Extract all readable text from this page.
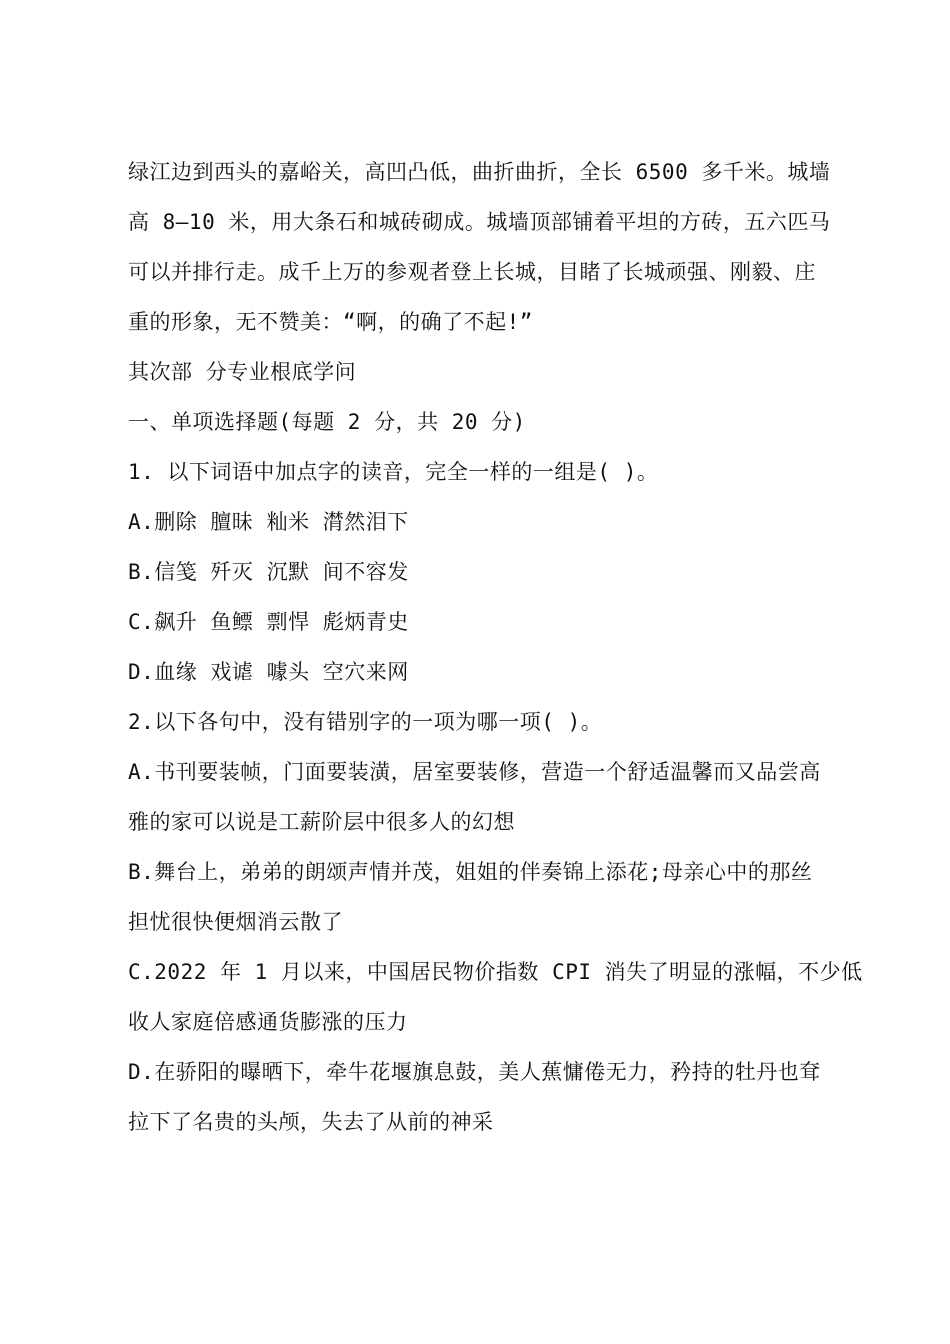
绿江边到西头的嘉峪关，高凹凸低，曲折曲折，全长 6500 多千米。城墙
高 8—10 米，用大条石和城砖砌成。城墙顶部铺着平坦的方砖，五六匹马
可以并排行走。成千上万的参观者登上长城，目睹了长城顽强、刚毅、庄
重的形象，无不赞美：“啊，的确了不起!”
其次部 分专业根底学问
一、单项选择题(每题 2 分，共 20 分)
1. 以下词语中加点字的读音，完全一样的一组是( )。
A.删除 膻昧 籼米 潸然泪下
B.信笺 歼灭 沉默 间不容发
C.飙升 鱼鳔 剽悍 彪炳青史
D.血缘 戏谑 噱头 空穴来网
2.以下各句中，没有错别字的一项为哪一项( )。
A.书刊要装帧，门面要装潢，居室要装修，营造一个舒适温馨而又品尝高
雅的家可以说是工薪阶层中很多人的幻想
B.舞台上，弟弟的朗颂声情并茂，姐姐的伴奏锦上添花;母亲心中的那丝
担忧很快便烟消云散了
C.2022 年 1 月以来，中国居民物价指数 CPI 消失了明显的涨幅，不少低
收人家庭倍感通货膨涨的压力
D.在骄阳的曝晒下，牵牛花堰旗息鼓，美人蕉慵倦无力，矜持的牡丹也耷
拉下了名贵的头颅，失去了从前的神采
